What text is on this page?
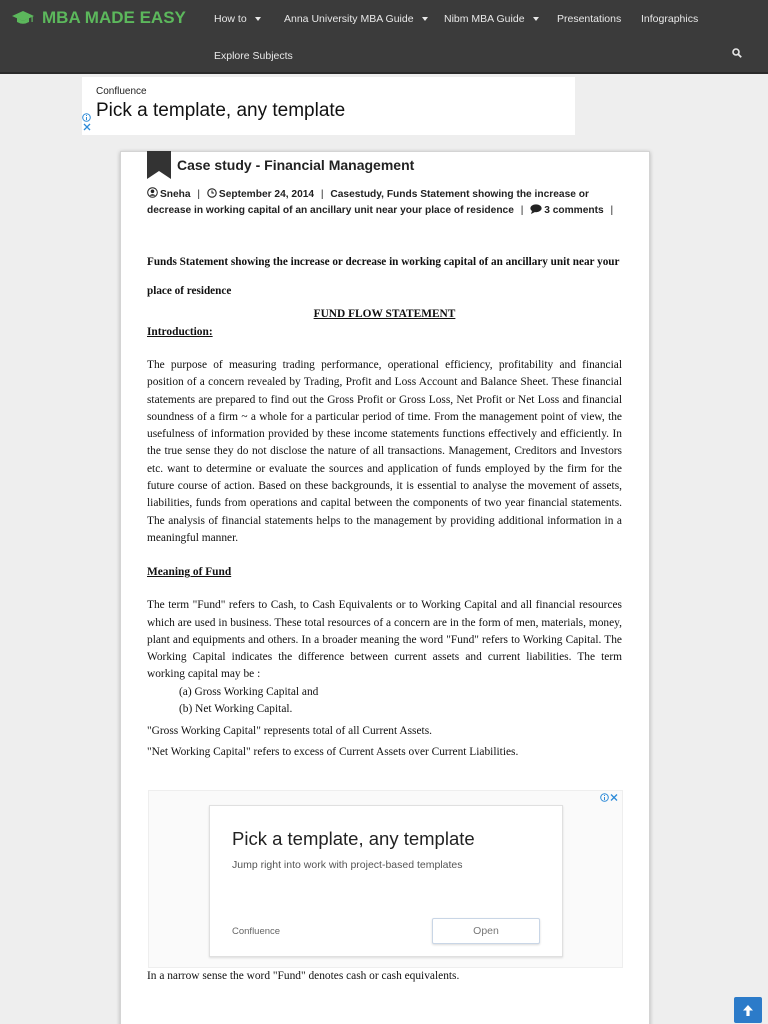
MBA MADE EASY	How to	Anna University MBA Guide	Nibm MBA Guide	Presentations Infographics
Explore Subjects
Confluence
Pick a template, any template
Case study - Financial Management
Sneha | September 24, 2014 | Casestudy, Funds Statement showing the increase or decrease in working capital of an ancillary unit near your place of residence | 3 comments |
Funds Statement showing the increase or decrease in working capital of an ancillary unit near your place of residence
FUND FLOW STATEMENT
Introduction:
The purpose of measuring trading performance, operational efficiency, profitability and financial position of a concern revealed by Trading, Profit and Loss Account and Balance Sheet. These financial statements are prepared to find out the Gross Profit or Gross Loss, Net Profit or Net Loss and financial soundness of a firm ~ a whole for a particular period of time. From the management point of view, the usefulness of information provided by these income statements functions effectively and efficiently. In the true sense they do not disclose the nature of all transactions. Management, Creditors and Investors etc. want to determine or evaluate the sources and application of funds employed by the firm for the future course of action. Based on these backgrounds, it is essential to analyse the movement of assets, liabilities, funds from operations and capital between the components of two year financial statements. The analysis of financial statements helps to the management by providing additional information in a meaningful manner.
Meaning of Fund
The term "Fund" refers to Cash, to Cash Equivalents or to Working Capital and all financial resources which are used in business. These total resources of a concern are in the form of men, materials, money, plant and equipments and others. In a broader meaning the word "Fund" refers to Working Capital. The Working Capital indicates the difference between current assets and current liabilities. The term working capital may be :
(a) Gross Working Capital and
(b) Net Working Capital.
"Gross Working Capital" represents total of all Current Assets.
"Net Working Capital" refers to excess of Current Assets over Current Liabilities.
Pick a template, any template
Jump right into work with project-based templates
Confluence	Open
In a narrow sense the word "Fund" denotes cash or cash equivalents.
